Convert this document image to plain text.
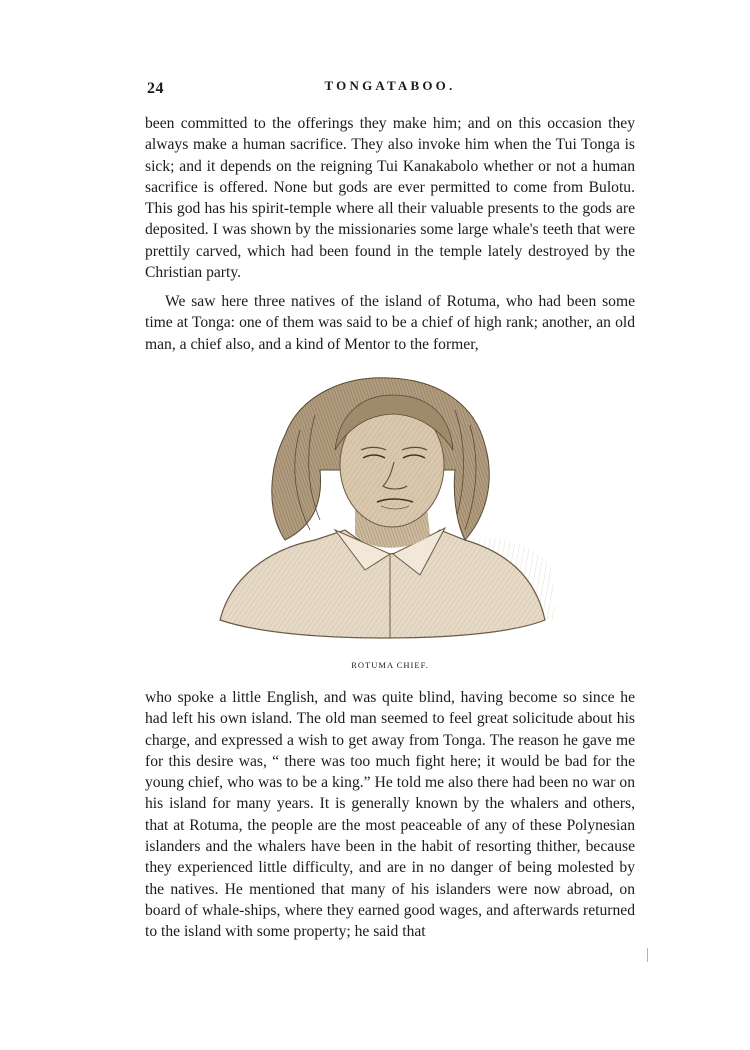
24	TONGATABOO.

been committed to the offerings they make him; and on this occasion they always make a human sacrifice. They also invoke him when the Tui Tonga is sick; and it depends on the reigning Tui Kanakabolo whether or not a human sacrifice is offered. None but gods are ever permitted to come from Bulotu. This god has his spirit-temple where all their valuable presents to the gods are deposited. I was shown by the missionaries some large whale's teeth that were prettily carved, which had been found in the temple lately destroyed by the Christian party.

We saw here three natives of the island of Rotuma, who had been some time at Tonga: one of them was said to be a chief of high rank; another, an old man, a chief also, and a kind of Mentor to the former,

ROTUMA CHIEF.

who spoke a little English, and was quite blind, having become so since he had left his own island. The old man seemed to feel great solicitude about his charge, and expressed a wish to get away from Tonga. The reason he gave me for this desire was, “ there was too much fight here; it would be bad for the young chief, who was to be a king.” He told me also there had been no war on his island for many years. It is generally known by the whalers and others, that at Rotuma, the people are the most peaceable of any of these Polynesian islanders and the whalers have been in the habit of resorting thither, because they experienced little difficulty, and are in no danger of being molested by the natives. He mentioned that many of his islanders were now abroad, on board of whale-ships, where they earned good wages, and afterwards returned to the island with some property; he said that
